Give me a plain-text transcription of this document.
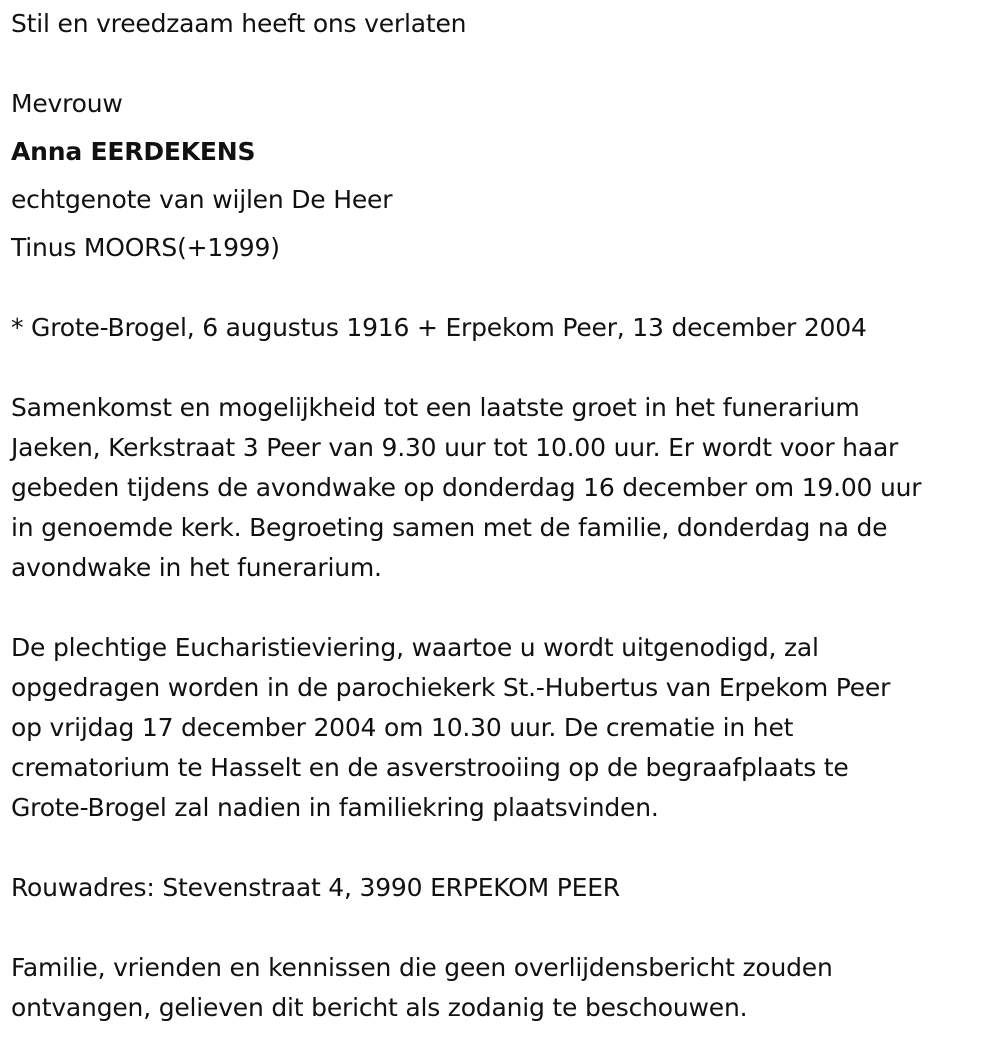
Stil en vreedzaam heeft ons verlaten
Mevrouw
Anna EERDEKENS
echtgenote van wijlen De Heer
Tinus MOORS(+1999)
* Grote-Brogel, 6 augustus 1916 + Erpekom Peer, 13 december 2004
Samenkomst en mogelijkheid tot een laatste groet in het funerarium
Jaeken, Kerkstraat 3 Peer van 9.30 uur tot 10.00 uur. Er wordt voor haar
gebeden tijdens de avondwake op donderdag 16 december om 19.00 uur
in genoemde kerk. Begroeting samen met de familie, donderdag na de
avondwake in het funerarium.
De plechtige Eucharistieviering, waartoe u wordt uitgenodigd, zal
opgedragen worden in de parochiekerk St.-Hubertus van Erpekom Peer
op vrijdag 17 december 2004 om 10.30 uur. De crematie in het
crematorium te Hasselt en de asverstrooiing op de begraafplaats te
Grote-Brogel zal nadien in familiekring plaatsvinden.
Rouwadres: Stevenstraat 4, 3990 ERPEKOM PEER
Familie, vrienden en kennissen die geen overlijdensbericht zouden
ontvangen, gelieven dit bericht als zodanig te beschouwen.
